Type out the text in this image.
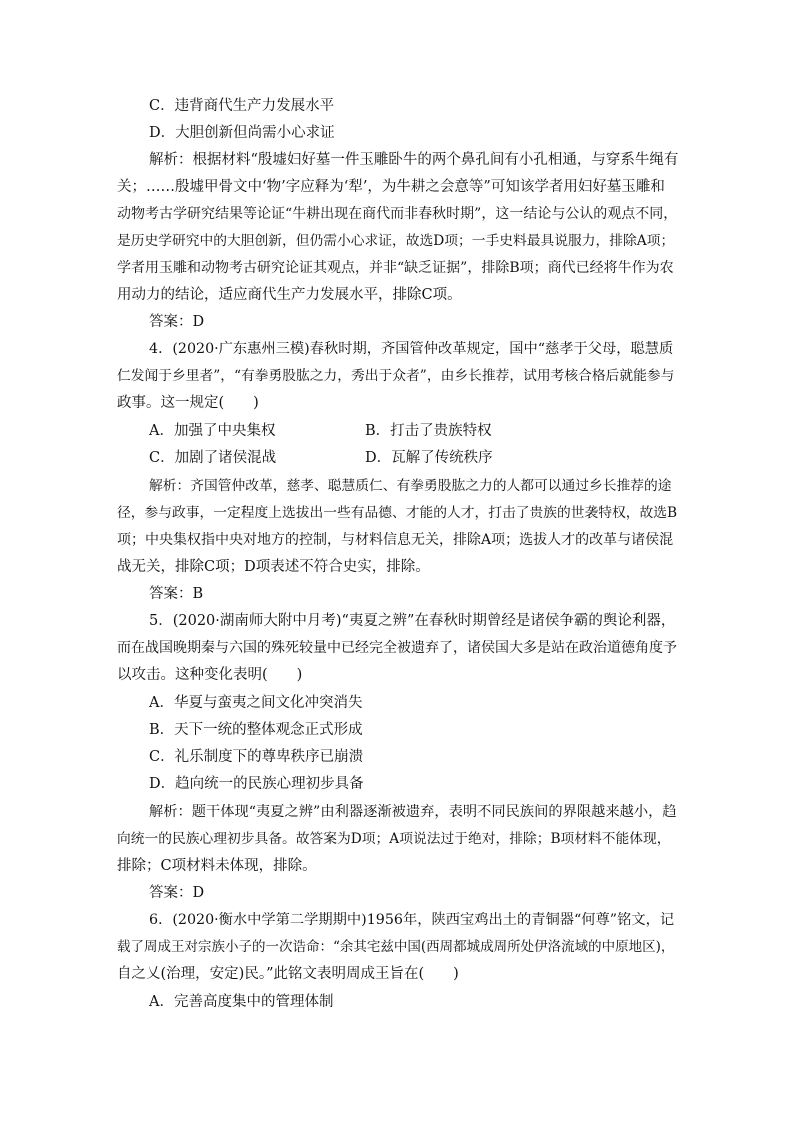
C．违背商代生产力发展水平
D．大胆创新但尚需小心求证
解析：根据材料“殷墟妇好墓一件玉雕卧牛的两个鼻孔间有小孔相通，与穿系牛绳有
关；……殷墟甲骨文中‘物’字应释为‘犁’，为牛耕之会意等”可知该学者用妇好墓玉雕和
动物考古学研究结果等论证“牛耕出现在商代而非春秋时期”，这一结论与公认的观点不同，
是历史学研究中的大胆创新，但仍需小心求证，故选D项；一手史料最具说服力，排除A项；
学者用玉雕和动物考古研究论证其观点，并非“缺乏证据”，排除B项；商代已经将牛作为农
用动力的结论，适应商代生产力发展水平，排除C项。
答案：D
4．(2020·广东惠州三模)春秋时期，齐国管仲改革规定，国中“慈孝于父母，聪慧质
仁发闻于乡里者”，“有拳勇股肱之力，秀出于众者”，由乡长推荐，试用考核合格后就能参与
政事。这一规定(　　)
A．加强了中央集权	B．打击了贵族特权
C．加剧了诸侯混战	D．瓦解了传统秩序
解析：齐国管仲改革，慈孝、聪慧质仁、有拳勇股肱之力的人都可以通过乡长推荐的途
径，参与政事，一定程度上选拔出一些有品德、才能的人才，打击了贵族的世袭特权，故选B
项；中央集权指中央对地方的控制，与材料信息无关，排除A项；选拔人才的改革与诸侯混
战无关，排除C项；D项表述不符合史实，排除。
答案：B
5．(2020·湖南师大附中月考)“夷夏之辨”在春秋时期曾经是诸侯争霸的舆论利器，
而在战国晚期秦与六国的殊死较量中已经完全被遗弃了，诸侯国大多是站在政治道德角度予
以攻击。这种变化表明(　　)
A．华夏与蛮夷之间文化冲突消失
B．天下一统的整体观念正式形成
C．礼乐制度下的尊卑秩序已崩溃
D．趋向统一的民族心理初步具备
解析：题干体现“夷夏之辨”由利器逐渐被遗弃，表明不同民族间的界限越来越小，趋
向统一的民族心理初步具备。故答案为D项；A项说法过于绝对，排除；B项材料不能体现，
排除；C项材料未体现，排除。
答案：D
6．(2020·衡水中学第二学期期中)1956年，陕西宝鸡出土的青铜器“何尊”铭文，记
载了周成王对宗族小子的一次诰命：“余其宅兹中国(西周都城成周所处伊洛流域的中原地区)，
自之乂(治理，安定)民。”此铭文表明周成王旨在(　　)
A．完善高度集中的管理体制
